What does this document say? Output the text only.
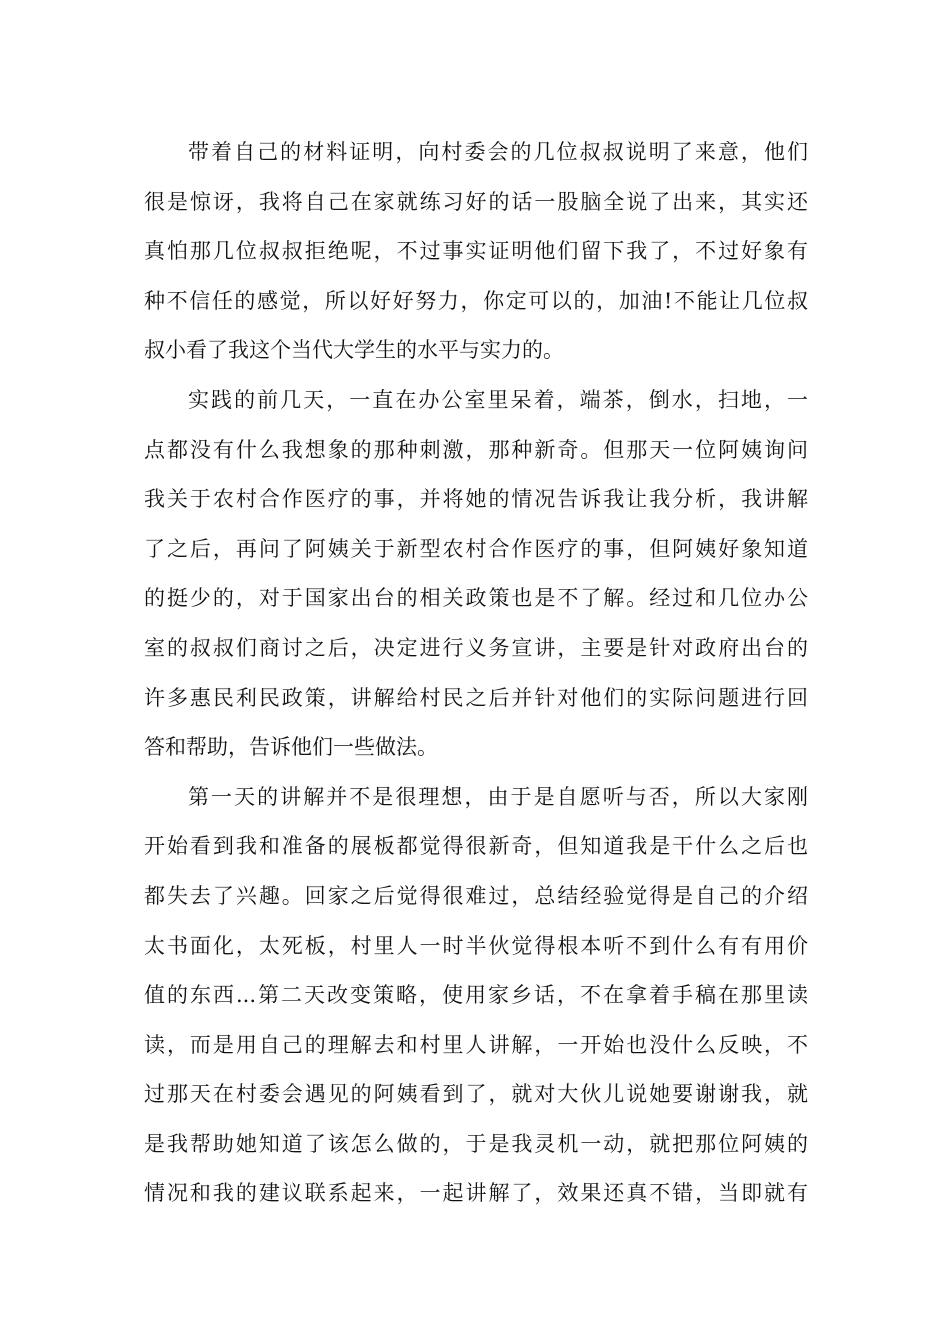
带着自己的材料证明，向村委会的几位叔叔说明了来意，他们
很是惊讶，我将自己在家就练习好的话一股脑全说了出来，其实还
真怕那几位叔叔拒绝呢，不过事实证明他们留下我了，不过好象有
种不信任的感觉，所以好好努力，你定可以的，加油!不能让几位叔
叔小看了我这个当代大学生的水平与实力的。
实践的前几天，一直在办公室里呆着，端茶，倒水，扫地，一
点都没有什么我想象的那种刺激，那种新奇。但那天一位阿姨询问
我关于农村合作医疗的事，并将她的情况告诉我让我分析，我讲解
了之后，再问了阿姨关于新型农村合作医疗的事，但阿姨好象知道
的挺少的，对于国家出台的相关政策也是不了解。经过和几位办公
室的叔叔们商讨之后，决定进行义务宣讲，主要是针对政府出台的
许多惠民利民政策，讲解给村民之后并针对他们的实际问题进行回
答和帮助，告诉他们一些做法。
第一天的讲解并不是很理想，由于是自愿听与否，所以大家刚
开始看到我和准备的展板都觉得很新奇，但知道我是干什么之后也
都失去了兴趣。回家之后觉得很难过，总结经验觉得是自己的介绍
太书面化，太死板，村里人一时半伙觉得根本听不到什么有有用价
值的东西...第二天改变策略，使用家乡话，不在拿着手稿在那里读
读，而是用自己的理解去和村里人讲解，一开始也没什么反映，不
过那天在村委会遇见的阿姨看到了，就对大伙儿说她要谢谢我，就
是我帮助她知道了该怎么做的，于是我灵机一动，就把那位阿姨的
情况和我的建议联系起来，一起讲解了，效果还真不错，当即就有
